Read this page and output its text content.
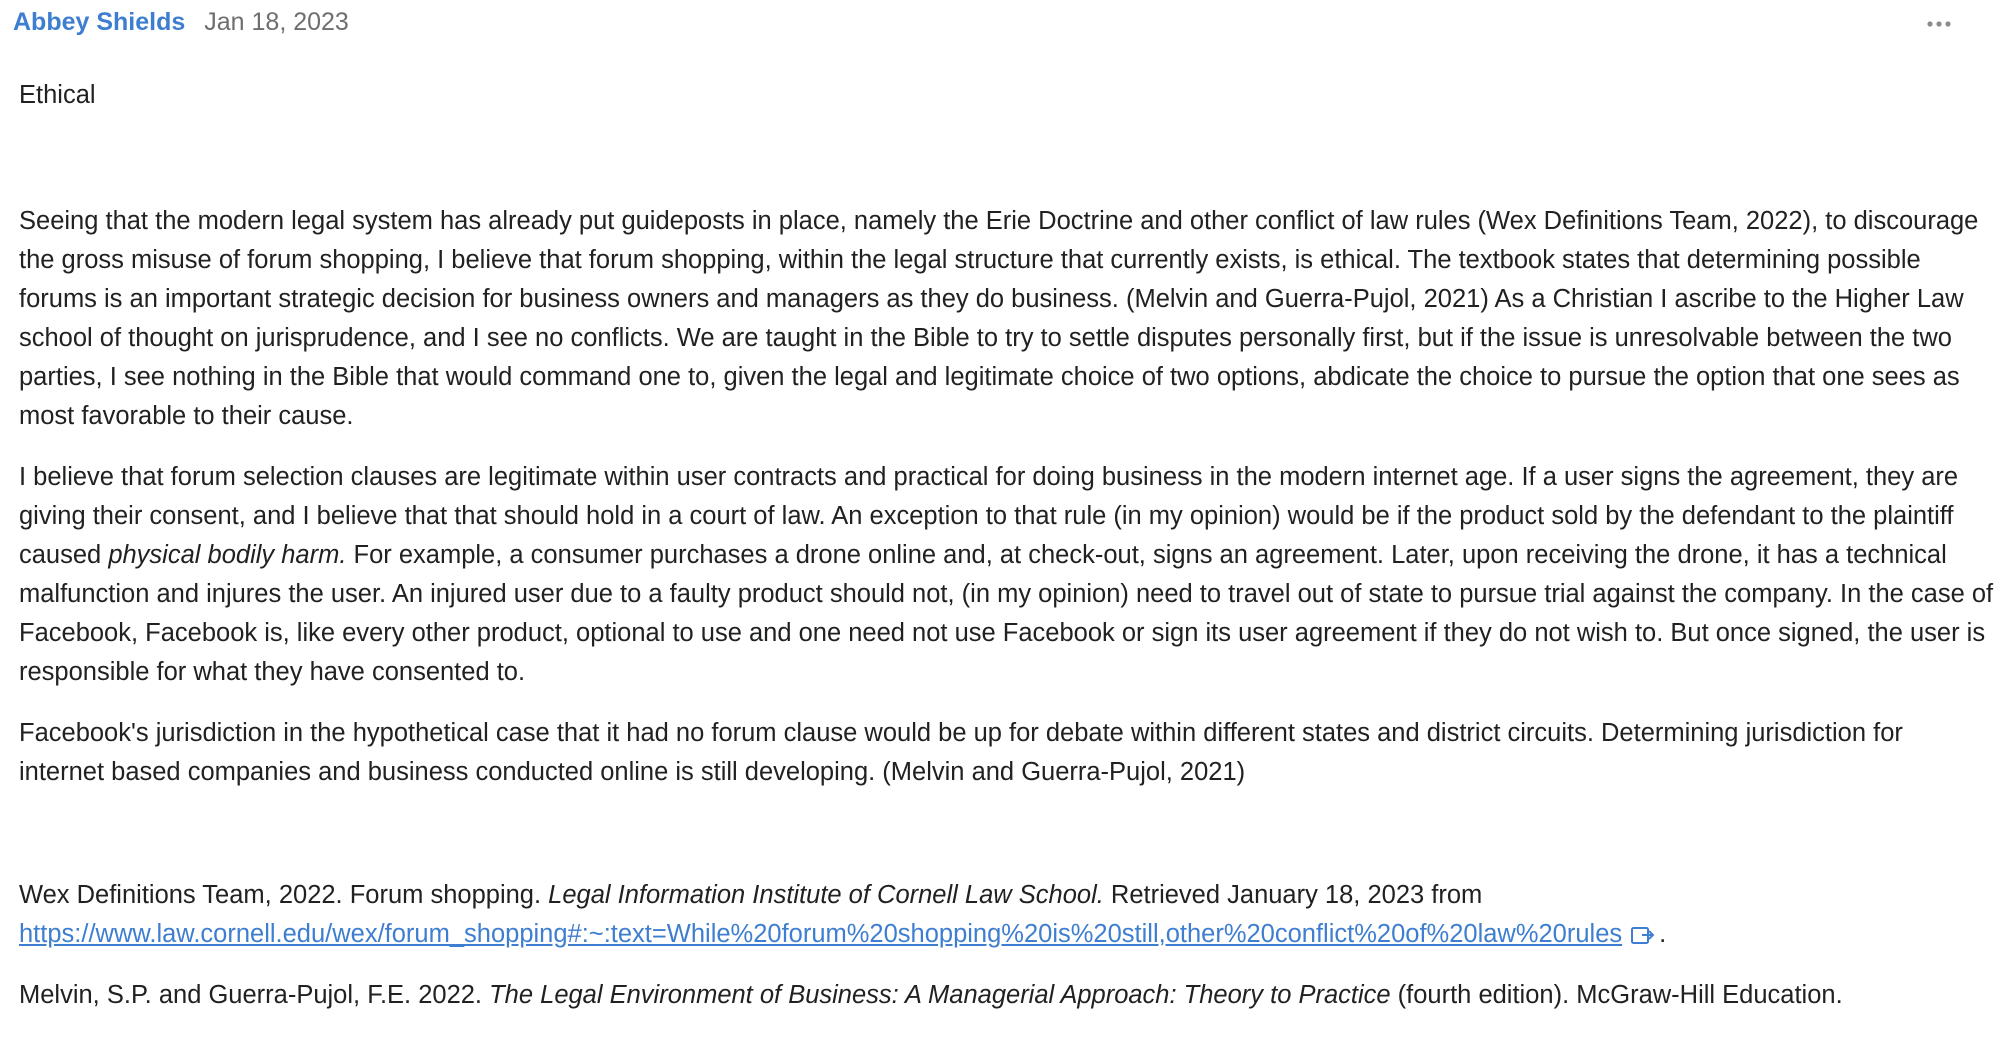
Abbey Shields Jan 18, 2023

Ethical

Seeing that the modern legal system has already put guideposts in place, namely the Erie Doctrine and other conflict of law rules (Wex Definitions Team, 2022), to discourage the gross misuse of forum shopping, I believe that forum shopping, within the legal structure that currently exists, is ethical. The textbook states that determining possible forums is an important strategic decision for business owners and managers as they do business. (Melvin and Guerra-Pujol, 2021) As a Christian I ascribe to the Higher Law school of thought on jurisprudence, and I see no conflicts. We are taught in the Bible to try to settle disputes personally first, but if the issue is unresolvable between the two parties, I see nothing in the Bible that would command one to, given the legal and legitimate choice of two options, abdicate the choice to pursue the option that one sees as most favorable to their cause.

I believe that forum selection clauses are legitimate within user contracts and practical for doing business in the modern internet age. If a user signs the agreement, they are giving their consent, and I believe that that should hold in a court of law. An exception to that rule (in my opinion) would be if the product sold by the defendant to the plaintiff caused physical bodily harm. For example, a consumer purchases a drone online and, at check-out, signs an agreement. Later, upon receiving the drone, it has a technical malfunction and injures the user. An injured user due to a faulty product should not, (in my opinion) need to travel out of state to pursue trial against the company. In the case of Facebook, Facebook is, like every other product, optional to use and one need not use Facebook or sign its user agreement if they do not wish to. But once signed, the user is responsible for what they have consented to.

Facebook's jurisdiction in the hypothetical case that it had no forum clause would be up for debate within different states and district circuits. Determining jurisdiction for internet based companies and business conducted online is still developing. (Melvin and Guerra-Pujol, 2021)

Wex Definitions Team, 2022. Forum shopping. Legal Information Institute of Cornell Law School. Retrieved January 18, 2023 from
https://www.law.cornell.edu/wex/forum_shopping#:~:text=While%20forum%20shopping%20is%20still,other%20conflict%20of%20law%20rules .

Melvin, S.P. and Guerra-Pujol, F.E. 2022. The Legal Environment of Business: A Managerial Approach: Theory to Practice (fourth edition). McGraw-Hill Education.
